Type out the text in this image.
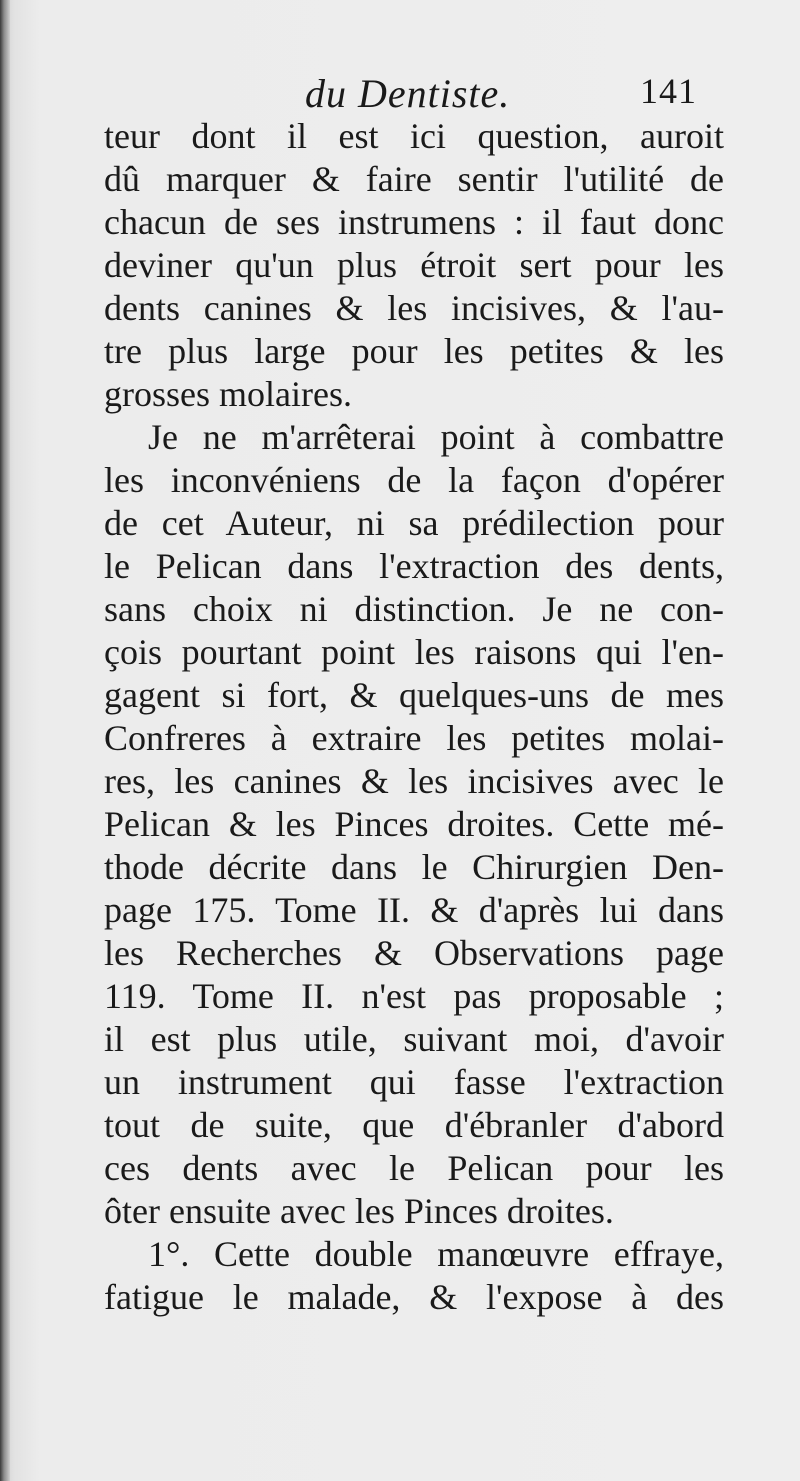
du Dentiste.	141
teur dont il est ici question, auroit
dû marquer & faire sentir l'utilité de
chacun de ses instrumens : il faut donc
deviner qu'un plus étroit sert pour les
dents canines & les incisives, & l'au-
tre plus large pour les petites & les
grosses molaires.
Je ne m'arrêterai point à combattre
les inconvéniens de la façon d'opérer
de cet Auteur, ni sa prédilection pour
le Pelican dans l'extraction des dents,
sans choix ni distinction. Je ne con-
çois pourtant point les raisons qui l'en-
gagent si fort, & quelques-uns de mes
Confreres à extraire les petites molai-
res, les canines & les incisives avec le
Pelican & les Pinces droites. Cette mé-
thode décrite dans le Chirurgien Den-
page 175. Tome II. & d'après lui dans
les Recherches & Observations page
119. Tome II. n'est pas proposable ;
il est plus utile, suivant moi, d'avoir
un instrument qui fasse l'extraction
tout de suite, que d'ébranler d'abord
ces dents avec le Pelican pour les
ôter ensuite avec les Pinces droites.
1°. Cette double manœuvre effraye,
fatigue le malade, & l'expose à des
